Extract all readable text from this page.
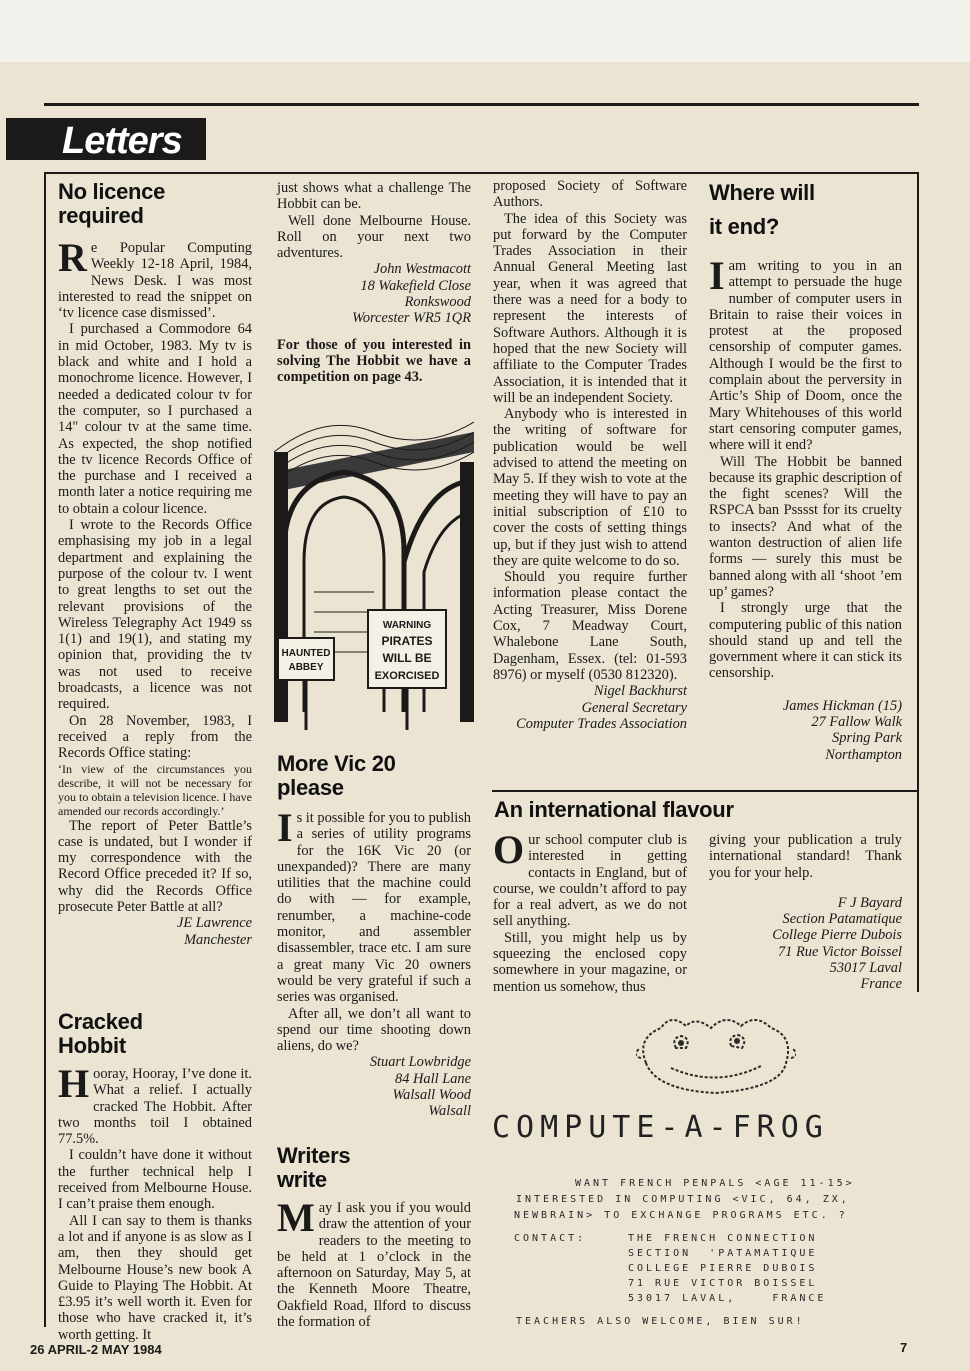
Letters
No licence
required

Re Popular Computing Weekly 12-18 April, 1984, News Desk. I was most interested to read the snippet on ‘tv licence case dismissed’.

I purchased a Commodore 64 in mid October, 1983. My tv is black and white and I hold a monochrome licence. However, I needed a dedicated colour tv for the computer, so I purchased a 14" colour tv at the same time. As expected, the shop notified the tv licence Records Office of the purchase and I received a month later a notice requiring me to obtain a colour licence.

I wrote to the Records Office emphasising my job in a legal department and explaining the purpose of the colour tv. I went to great lengths to set out the relevant provisions of the Wireless Telegraphy Act 1949 ss 1(1) and 19(1), and stating my opinion that, providing the tv was not used to receive broadcasts, a licence was not required.

On 28 November, 1983, I received a reply from the Records Office stating:

‘In view of the circumstances you describe, it will not be necessary for you to obtain a television licence. I have amended our records accordingly.’

The report of Peter Battle’s case is undated, but I wonder if my correspondence with the Record Office preceded it? If so, why did the Records Office prosecute Peter Battle at all?

JE Lawrence
Manchester
Cracked
Hobbit

Hooray, Hooray, I’ve done it. What a relief. I actually cracked The Hobbit. After two months toil I obtained 77.5%.

I couldn’t have done it without the further technical help I received from Melbourne House. I can’t praise them enough.

All I can say to them is thanks a lot and if anyone is as slow as I am, then they should get Melbourne House’s new book A Guide to Playing The Hobbit. At £3.95 it’s well worth it. Even for those who have cracked it, it’s worth getting. It

just shows what a challenge The Hobbit can be.

Well done Melbourne House. Roll on your next two adventures.

John Westmacott
18 Wakefield Close
Ronkswood
Worcester WR5 1QR

For those of you interested in solving The Hobbit we have a competition on page 43.

HAUNTED
ABBEY
WARNING
PIRATES
WILL BE
EXORCISED
More Vic 20
please

Is it possible for you to publish a series of utility programs for the 16K Vic 20 (or unexpanded)? There are many utilities that the machine could do with — for example, renumber, a machine-code monitor, and assembler disassembler, trace etc. I am sure a great many Vic 20 owners would be very grateful if such a series was organised.

After all, we don’t all want to spend our time shooting down aliens, do we?

Stuart Lowbridge
84 Hall Lane
Walsall Wood
Walsall
Writers
write

May I ask you if you would draw the attention of your readers to the meeting to be held at 1 o’clock in the afternoon on Saturday, May 5, at the Kenneth Moore Theatre, Oakfield Road, Ilford to discuss the formation of

proposed Society of Software Authors.

The idea of this Society was put forward by the Computer Trades Association in their Annual General Meeting last year, when it was agreed that there was a need for a body to represent the interests of Software Authors. Although it is hoped that the new Society will affiliate to the Computer Trades Association, it is intended that it will be an independent Society.

Anybody who is interested in the writing of software for publication would be well advised to attend the meeting on May 5. If they wish to vote at the meeting they will have to pay an initial subscription of £10 to cover the costs of setting things up, but if they just wish to attend they are quite welcome to do so.

Should you require further information please contact the Acting Treasurer, Miss Dorene Cox, 7 Meadway Court, Whalebone Lane South, Dagenham, Essex. (tel: 01-593 8976) or myself (0530 812320).

Nigel Backhurst
General Secretary
Computer Trades Association
Where will
it end?

Iam writing to you in an attempt to persuade the huge number of computer users in Britain to raise their voices in protest at the proposed censorship of computer games. Although I would be the first to complain about the perversity in Artic’s Ship of Doom, once the Mary Whitehouses of this world start censoring computer games, where will it end?

Will The Hobbit be banned because its graphic description of the fight scenes? Will the RSPCA ban Psssst for its cruelty to insects? And what of the wanton destruction of alien life forms — surely this must be banned along with all ‘shoot ’em up’ games?

I strongly urge that the computering public of this nation should stand up and tell the government where it can stick its censorship.

James Hickman (15)
27 Fallow Walk
Spring Park
Northampton
An international flavour

Our school computer club is interested in getting contacts in England, but of course, we couldn’t afford to pay for a real advert, as we do not sell anything.

Still, you might help us by squeezing the enclosed copy somewhere in your magazine, or mention us somehow, thus

giving your publication a truly international standard! Thank you for your help.

F J Bayard
Section Patamatique
College Pierre Dubois
71 Rue Victor Boissel
53017 Laval
France
COMPUTE-A-FROG
WANT FRENCH PENPALS <AGE 11-15>
INTERESTED IN COMPUTING <VIC, 64, ZX,
NEWBRAIN> TO EXCHANGE PROGRAMS ETC. ?
CONTACT:	THE FRENCH CONNECTION
SECTION  'PATAMATIQUE
COLLEGE PIERRE DUBOIS
71 RUE VICTOR BOISSEL
53017 LAVAL,    FRANCE
TEACHERS ALSO WELCOME, BIEN SUR!
26 APRIL-2 MAY 1984	7
